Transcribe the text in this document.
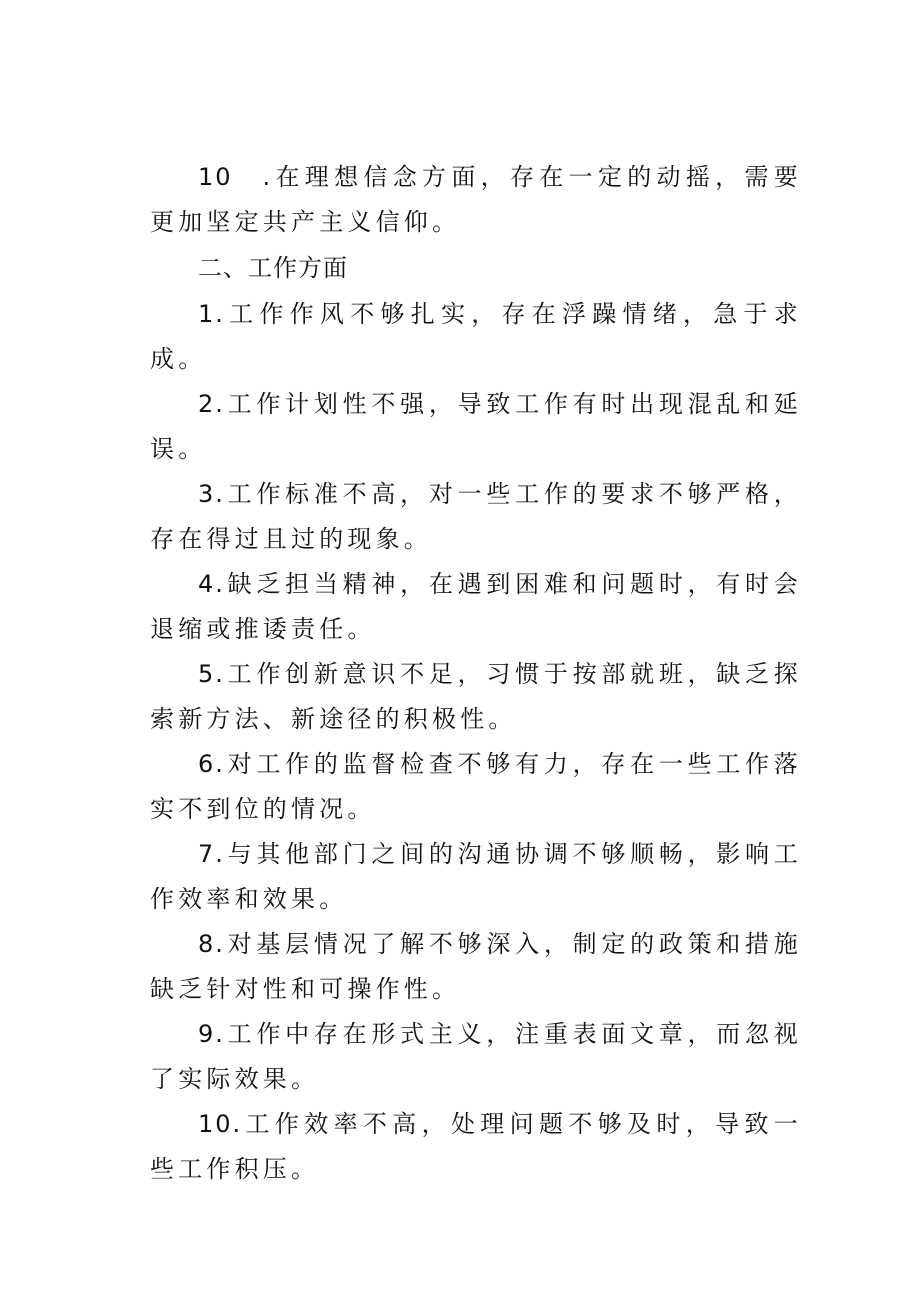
10 .在理想信念方面，存在一定的动摇，需要更加坚定共产主义信仰。

二、工作方面

1.工作作风不够扎实，存在浮躁情绪，急于求成。

2.工作计划性不强，导致工作有时出现混乱和延误。

3.工作标准不高，对一些工作的要求不够严格，存在得过且过的现象。

4.缺乏担当精神，在遇到困难和问题时，有时会退缩或推诿责任。

5.工作创新意识不足，习惯于按部就班，缺乏探索新方法、新途径的积极性。

6.对工作的监督检查不够有力，存在一些工作落实不到位的情况。

7.与其他部门之间的沟通协调不够顺畅，影响工作效率和效果。

8.对基层情况了解不够深入，制定的政策和措施缺乏针对性和可操作性。

9.工作中存在形式主义，注重表面文章，而忽视了实际效果。

10.工作效率不高，处理问题不够及时，导致一些工作积压。
